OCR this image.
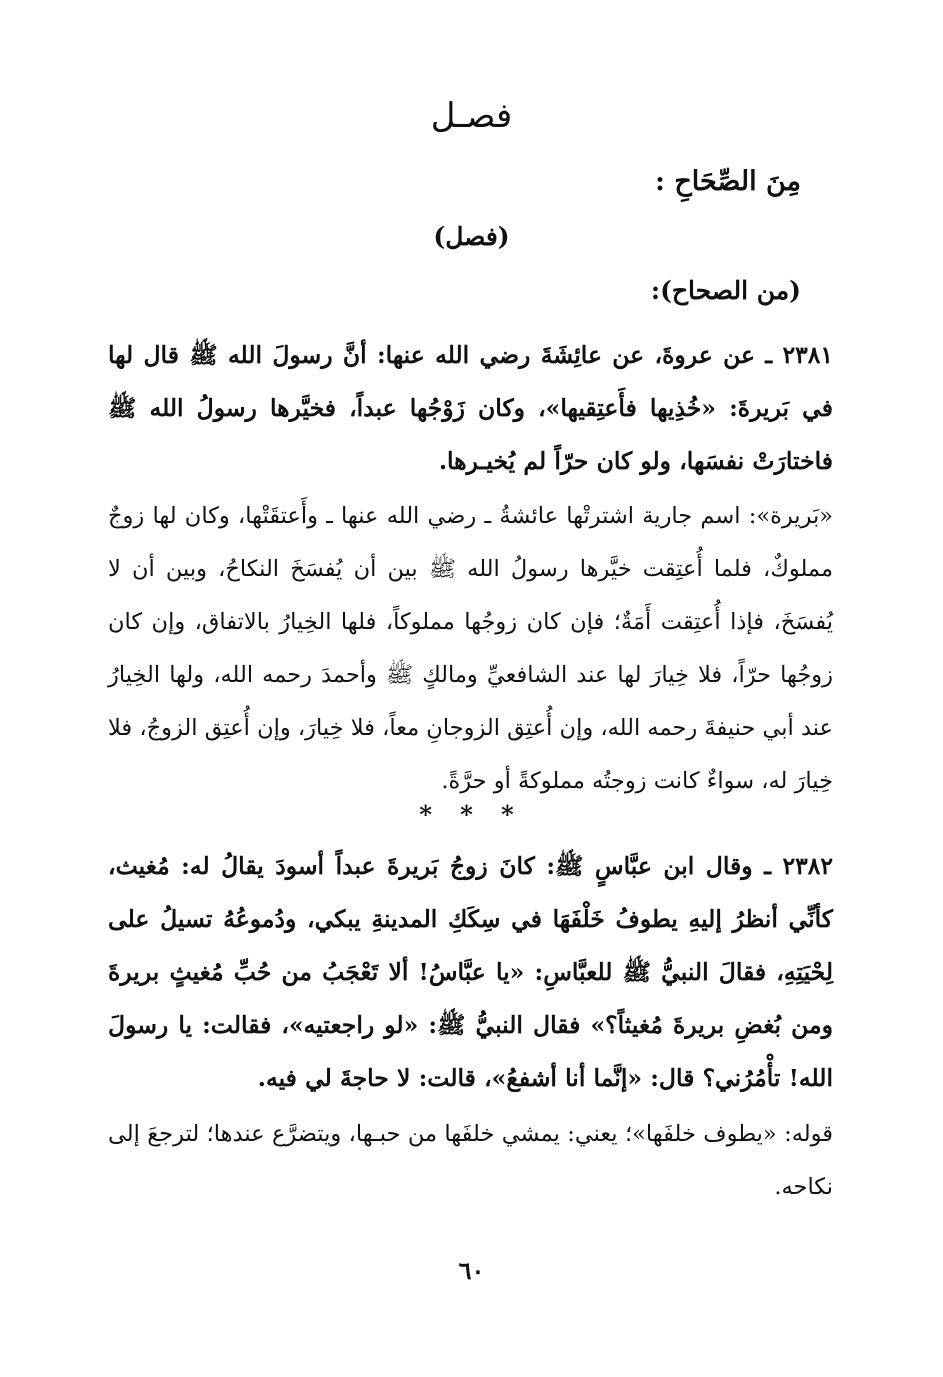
فصـل
مِنَ الصِّحَاحِ :
(فصل)
(من الصحاح):
٢٣٨١ ـ عن عروةَ، عن عائِشَةَ رضي الله عنها: أنَّ رسولَ الله ﷺ قال لها في بَريرةَ: «خُذِيها فأَعتِقيها»، وكان زَوْجُها عبداً، فخيَّرها رسولُ الله ﷺ فاختارَتْ نفسَها، ولو كان حرّاً لم يُخيـرها.
«بَريرة»: اسم جارية اشترتْها عائشةُ ـ رضي الله عنها ـ وأَعتقَتْها، وكان لها زوجٌ مملوكٌ، فلما أُعتِقت خيَّرها رسولُ الله ﷺ بين أن يُفسَخَ النكاحُ، وبين أن لا يُفسَخَ، فإذا أُعتِقت أَمَةٌ؛ فإن كان زوجُها مملوكاً، فلها الخِيارُ بالاتفاق، وإن كان زوجُها حرّاً، فلا خِيارَ لها عند الشافعيِّ ومالكٍ ﷺ وأحمدَ رحمه الله، ولها الخِيارُ عند أبي حنيفةَ رحمه الله، وإن أُعتِق الزوجانِ معاً، فلا خِيارَ، وإن أُعتِق الزوجُ، فلا خِيارَ له، سواءٌ كانت زوجتُه مملوكةً أو حرَّةً.
* * *
٢٣٨٢ ـ وقال ابن عبَّاسٍ ﷺ: كانَ زوجُ بَريرةَ عبداً أسودَ يقالُ له: مُغيث، كأنِّي أنظرُ إليهِ يطوفُ خَلْفَهَا في سِكَكِ المدينةِ يبكي، ودُموعُهُ تسيلُ على لِحْيَتِهِ، فقالَ النبيُّ ﷺ للعبَّاسِ: «يا عبَّاسُ! ألا تَعْجَبُ من حُبِّ مُغيثٍ بريرةَ ومن بُغضِ بريرةَ مُغيثاً؟» فقال النبيُّ ﷺ: «لو راجعتيه»، فقالت: يا رسولَ الله! تأْمُرُني؟ قال: «إنَّما أنا أشفعُ»، قالت: لا حاجةَ لي فيه.
قوله: «يطوف خلفَها»؛ يعني: يمشي خلفَها من حبـها، ويتضرَّع عندها؛ لترجعَ إلى نكاحه.
٦٠
